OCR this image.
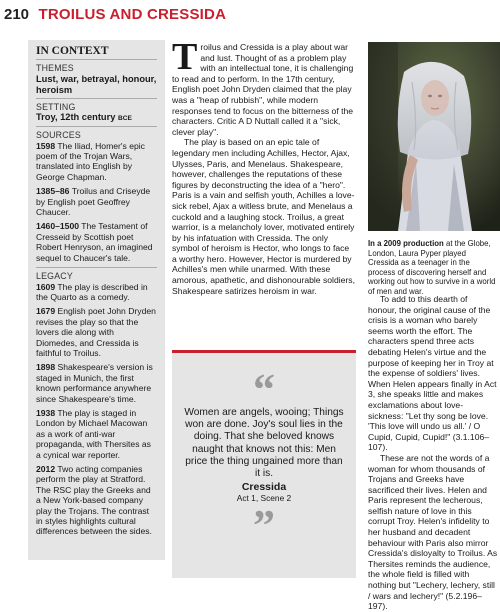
210 TROILUS AND CRESSIDA
IN CONTEXT
THEMES
Lust, war, betrayal, honour, heroism
SETTING
Troy, 12th century BCE
SOURCES
1598 The Iliad, Homer's epic poem of the Trojan Wars, translated into English by George Chapman.
1385–86 Troilus and Criseyde by English poet Geoffrey Chaucer.
1460–1500 The Testament of Cresseid by Scottish poet Robert Henryson, an imagined sequel to Chaucer's tale.
LEGACY
1609 The play is described in the Quarto as a comedy.
1679 English poet John Dryden revises the play so that the lovers die along with Diomedes, and Cressida is faithful to Troilus.
1898 Shakespeare's version is staged in Munich, the first known performance anywhere since Shakespeare's time.
1938 The play is staged in London by Michael Macowan as a work of anti-war propaganda, with Thersites as a cynical war reporter.
2012 Two acting companies perform the play at Stratford. The RSC play the Greeks and a New York-based company play the Trojans. The contrast in styles highlights cultural differences between the sides.

Troilus and Cressida is a play about war and lust. Thought of as a problem play with an intellectual tone, it is challenging to read and to perform. In the 17th century, English poet John Dryden claimed that the play was a "heap of rubbish", while modern responses tend to focus on the bitterness of the characters. Critic A D Nuttall called it a "sick, clever play".

The play is based on an epic tale of legendary men including Achilles, Hector, Ajax, Ulysses, Paris, and Menelaus. Shakespeare, however, challenges the reputations of these figures by deconstructing the idea of a "hero". Paris is a vain and selfish youth, Achilles a love-sick rebel, Ajax a witless brute, and Menelaus a cuckold and a laughing stock. Troilus, a great warrior, is a melancholy lover, motivated entirely by his infatuation with Cressida. The only symbol of heroism is Hector, who longs to face a worthy hero. However, Hector is murdered by Achilles's men while unarmed. With these amorous, apathetic, and dishonourable soldiers, Shakespeare satirizes heroism in war.

“
Women are angels, wooing; Things won are done. Joy's soul lies in the doing. That she beloved knows naught that knows not this: Men price the thing ungained more than it is.
Cressida
Act 1, Scene 2
”
In a 2009 production at the Globe, London, Laura Pyper played Cressida as a teenager in the process of discovering herself and working out how to survive in a world of men and war.

To add to this dearth of honour, the original cause of the crisis is a woman who barely seems worth the effort. The characters spend three acts debating Helen's virtue and the purpose of keeping her in Troy at the expense of soldiers' lives. When Helen appears finally in Act 3, she speaks little and makes exclamations about love-sickness: "Let thy song be love. 'This love will undo us all.' / O Cupid, Cupid, Cupid!" (3.1.106–107).

These are not the words of a woman for whom thousands of Trojans and Greeks have sacrificed their lives. Helen and Paris represent the lecherous, selfish nature of love in this corrupt Troy. Helen's infidelity to her husband and decadent behaviour with Paris also mirror Cressida's disloyalty to Troilus. As Thersites reminds the audience, the whole field is filled with nothing but "Lechery, lechery, still / wars and lechery!" (5.2.196–197).
